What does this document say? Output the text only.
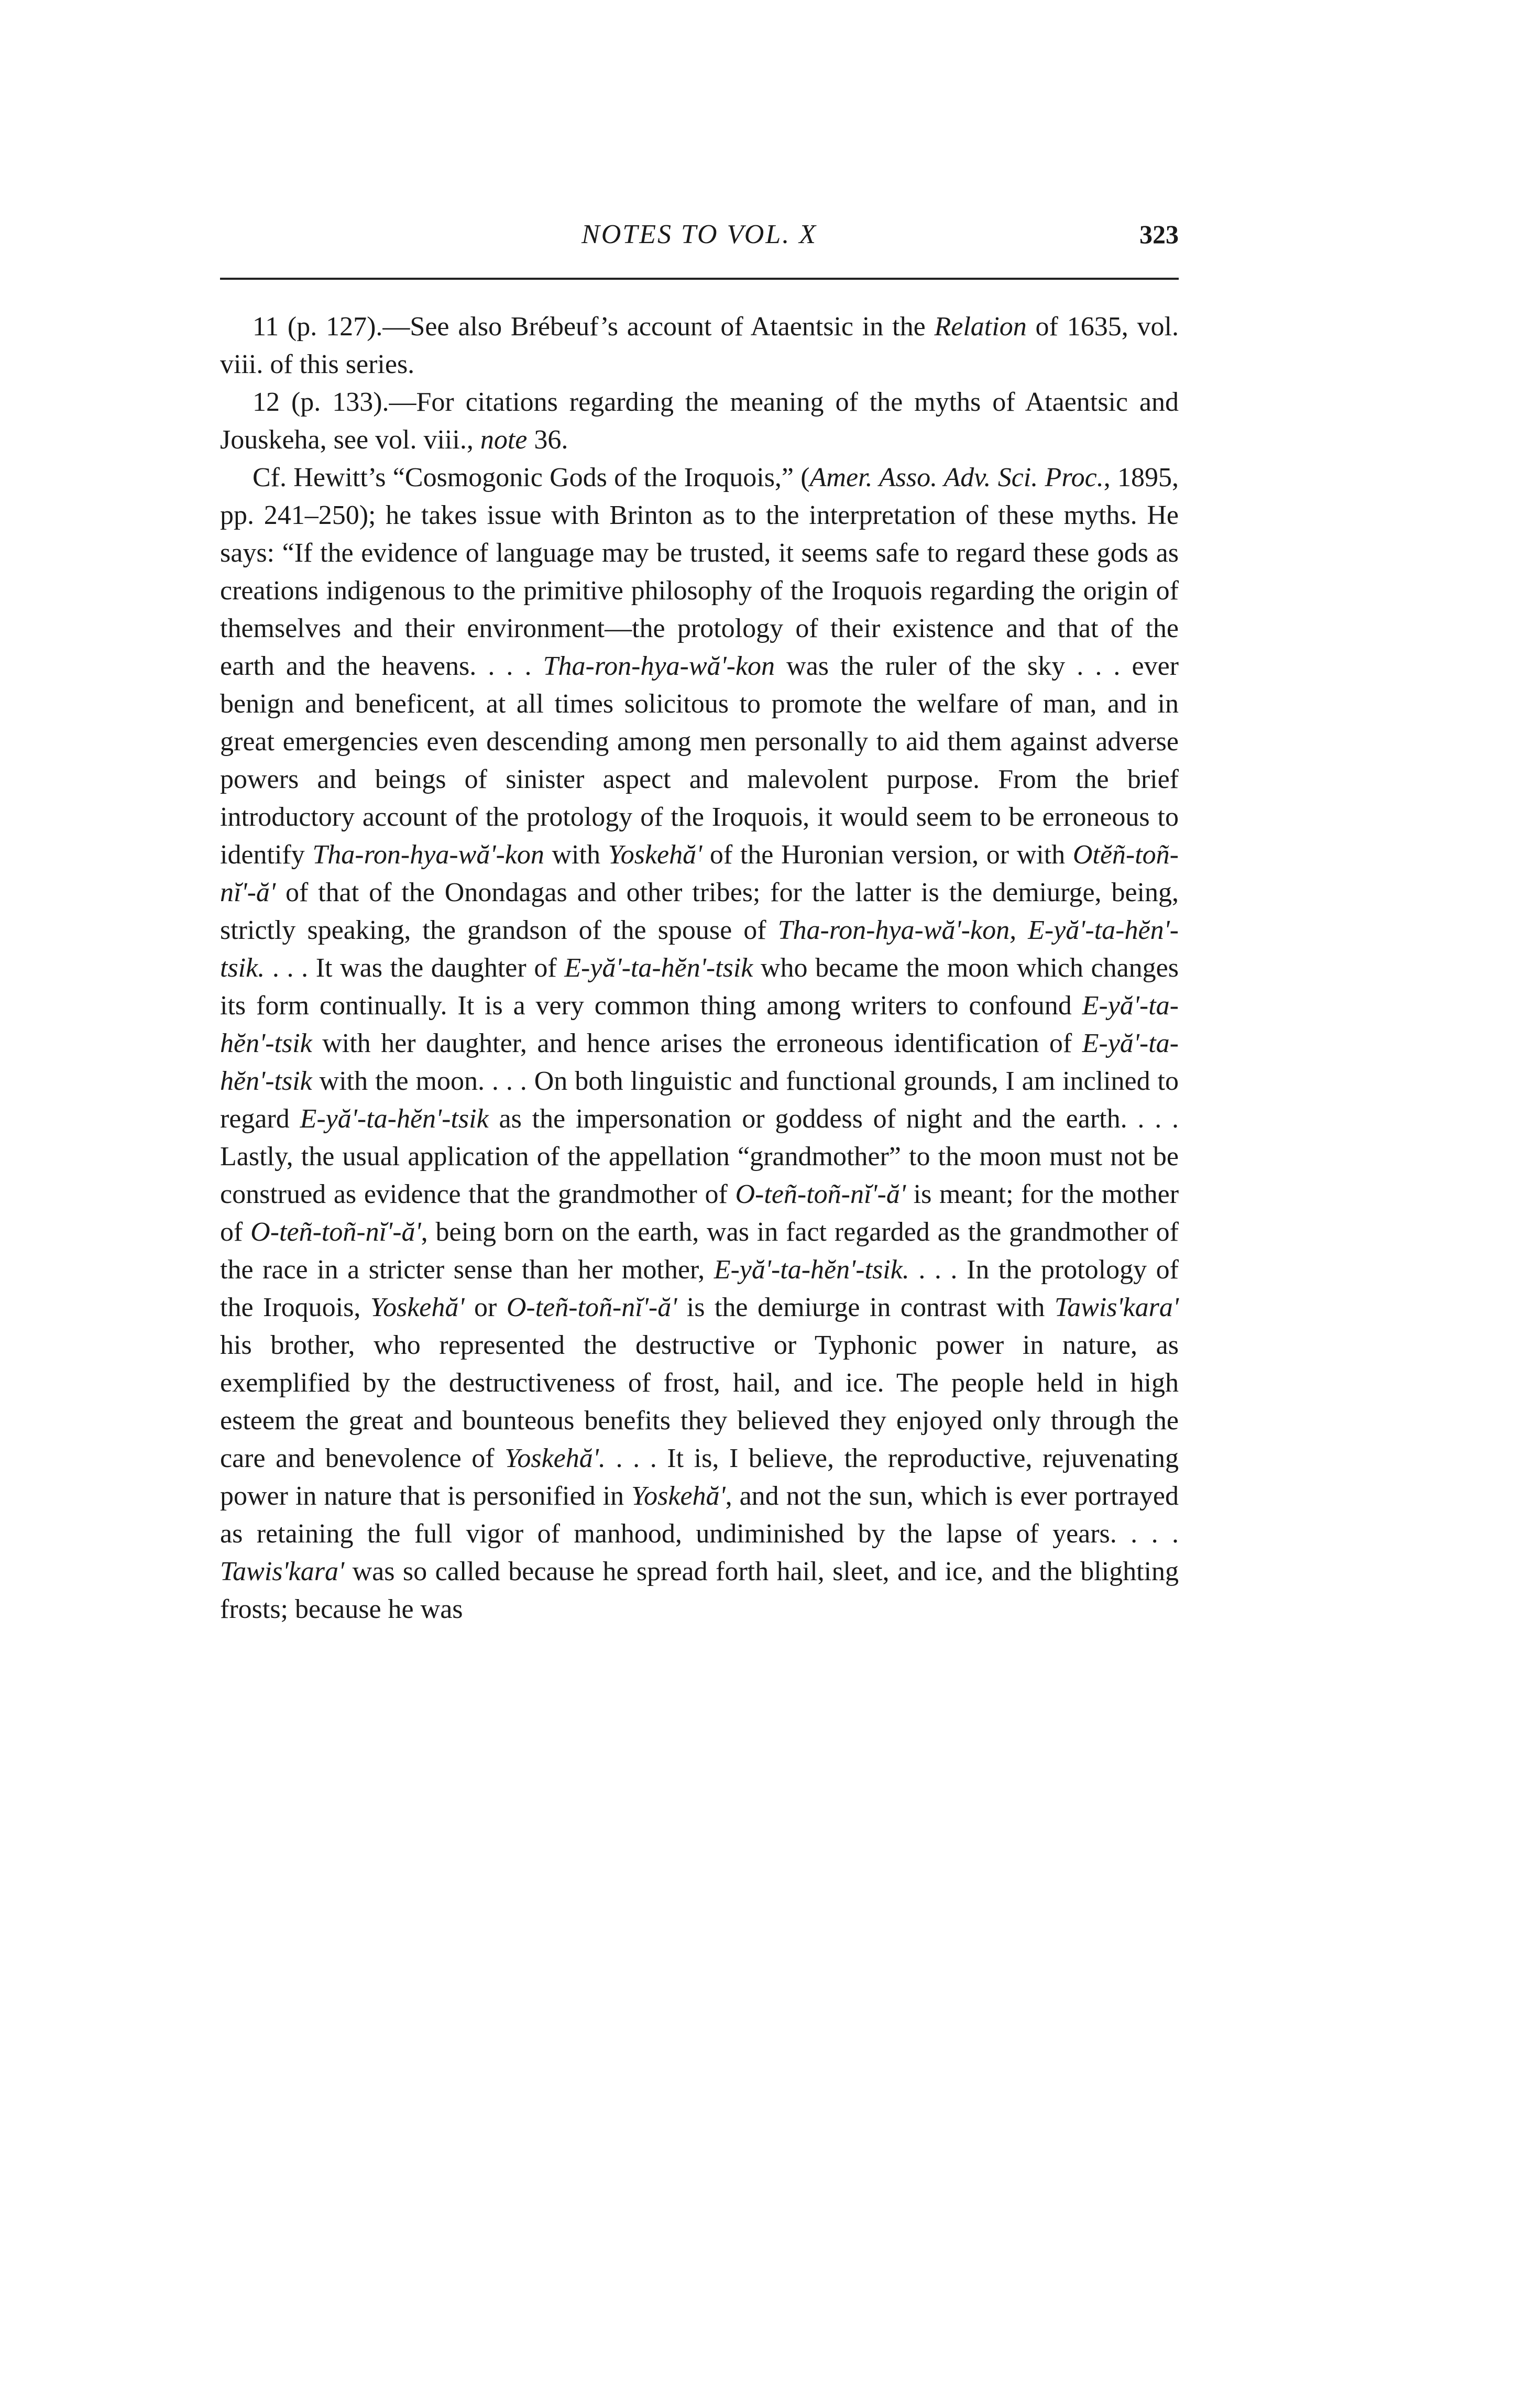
NOTES TO VOL. X	323

11 (p. 127).—See also Brébeuf’s account of Ataentsic in the Relation of 1635, vol. viii. of this series.

12 (p. 133).—For citations regarding the meaning of the myths of Ataentsic and Jouskeha, see vol. viii., note 36.

Cf. Hewitt’s “Cosmogonic Gods of the Iroquois,” (Amer. Asso. Adv. Sci. Proc., 1895, pp. 241–250); he takes issue with Brinton as to the interpretation of these myths. He says: “If the evidence of language may be trusted, it seems safe to regard these gods as creations indigenous to the primitive philosophy of the Iroquois regarding the origin of themselves and their environment—the protology of their existence and that of the earth and the heavens. . . . Tha-ron-hya-wă'-kon was the ruler of the sky . . . ever benign and beneficent, at all times solicitous to promote the welfare of man, and in great emergencies even descending among men personally to aid them against adverse powers and beings of sinister aspect and malevolent purpose. From the brief introductory account of the protology of the Iroquois, it would seem to be erroneous to identify Tha-ron-hya-wă'-kon with Yoskehă' of the Huronian version, or with Otĕñ-toñ-nĭ'-ă' of that of the Onondagas and other tribes; for the latter is the demiurge, being, strictly speaking, the grandson of the spouse of Tha-ron-hya-wă'-kon, E-yă'-ta-hĕn'-tsik. . . . It was the daughter of E-yă'-ta-hĕn'-tsik who became the moon which changes its form continually. It is a very common thing among writers to confound E-yă'-ta-hĕn'-tsik with her daughter, and hence arises the erroneous identification of E-yă'-ta-hĕn'-tsik with the moon. . . . On both linguistic and functional grounds, I am inclined to regard E-yă'-ta-hĕn'-tsik as the impersonation or goddess of night and the earth. . . . Lastly, the usual application of the appellation “grandmother” to the moon must not be construed as evidence that the grandmother of O-teñ-toñ-nĭ'-ă' is meant; for the mother of O-teñ-toñ-nĭ'-ă', being born on the earth, was in fact regarded as the grandmother of the race in a stricter sense than her mother, E-yă'-ta-hĕn'-tsik. . . . In the protology of the Iroquois, Yoskehă' or O-teñ-toñ-nĭ'-ă' is the demiurge in contrast with Tawis'kara' his brother, who represented the destructive or Typhonic power in nature, as exemplified by the destructiveness of frost, hail, and ice. The people held in high esteem the great and bounteous benefits they believed they enjoyed only through the care and benevolence of Yoskehă'. . . . It is, I believe, the reproductive, rejuvenating power in nature that is personified in Yoskehă', and not the sun, which is ever portrayed as retaining the full vigor of manhood, undiminished by the lapse of years. . . . Tawis'kara' was so called because he spread forth hail, sleet, and ice, and the blighting frosts; because he was
